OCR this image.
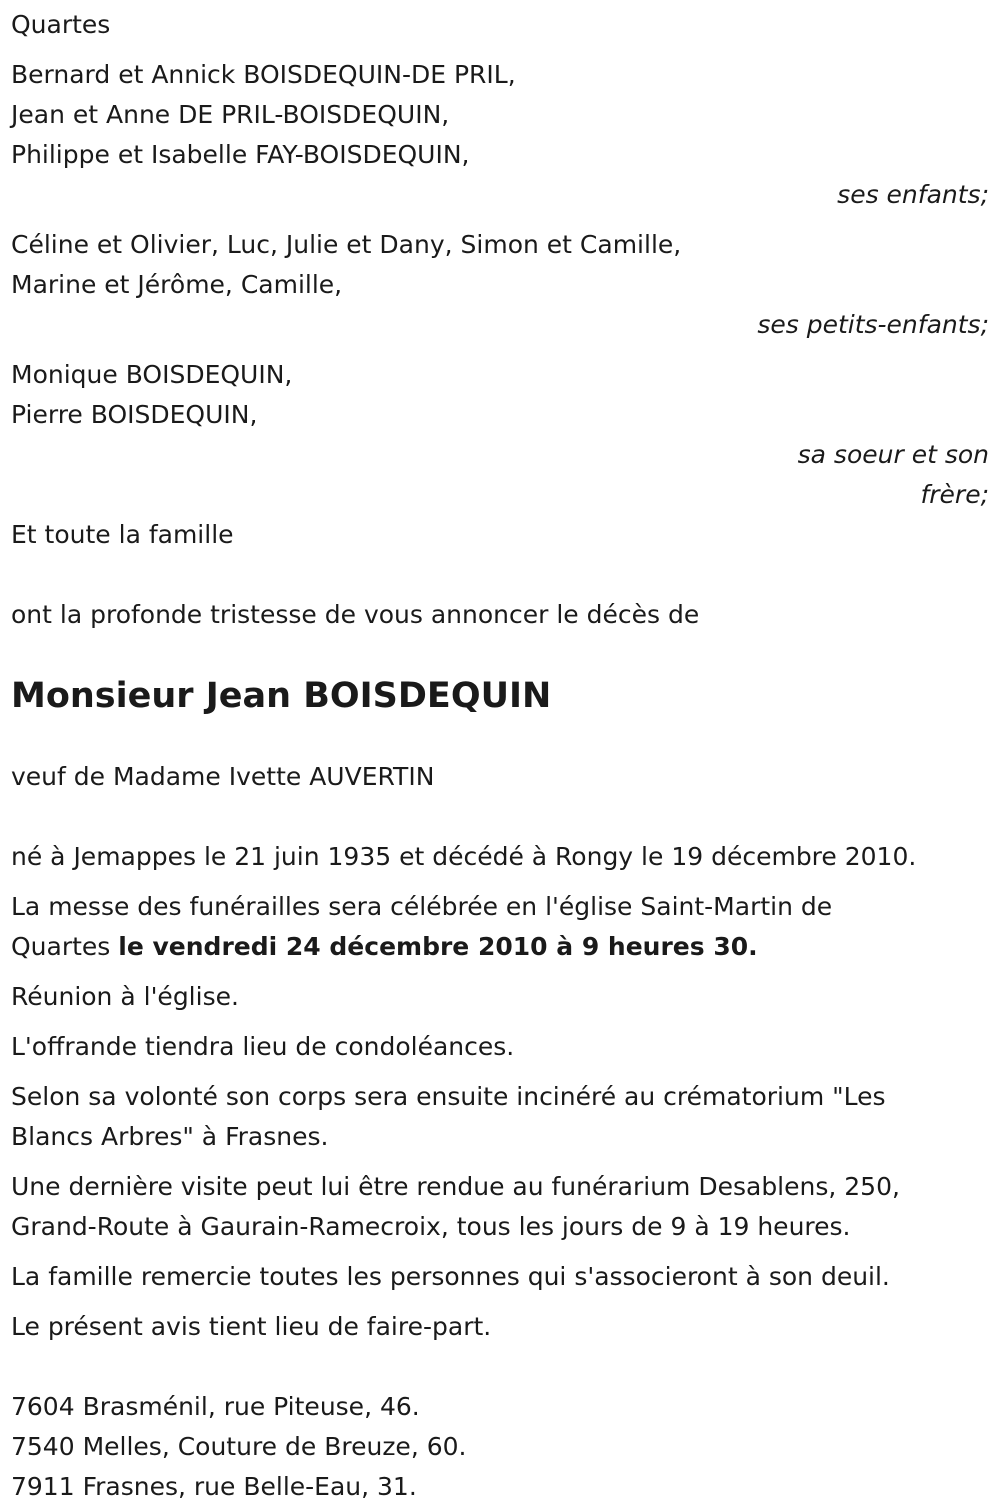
Quartes
Bernard et Annick BOISDEQUIN-DE PRIL,
Jean et Anne DE PRIL-BOISDEQUIN,
Philippe et Isabelle FAY-BOISDEQUIN,
ses enfants;
Céline et Olivier, Luc, Julie et Dany, Simon et Camille,
Marine et Jérôme, Camille,
ses petits-enfants;
Monique BOISDEQUIN,
Pierre BOISDEQUIN,
sa soeur et son
frère;
Et toute la famille
ont la profonde tristesse de vous annoncer le décès de
Monsieur Jean BOISDEQUIN
veuf de Madame Ivette AUVERTIN
né à Jemappes le 21 juin 1935 et décédé à Rongy le 19 décembre 2010.
La messe des funérailles sera célébrée en l'église Saint-Martin de
Quartes le vendredi 24 décembre 2010 à 9 heures 30.
Réunion à l'église.
L'offrande tiendra lieu de condoléances.
Selon sa volonté son corps sera ensuite incinéré au crématorium "Les
Blancs Arbres" à Frasnes.
Une dernière visite peut lui être rendue au funérarium Desablens, 250,
Grand-Route à Gaurain-Ramecroix, tous les jours de 9 à 19 heures.
La famille remercie toutes les personnes qui s'associeront à son deuil.
Le présent avis tient lieu de faire-part.
7604 Brasménil, rue Piteuse, 46.
7540 Melles, Couture de Breuze, 60.
7911 Frasnes, rue Belle-Eau, 31.
